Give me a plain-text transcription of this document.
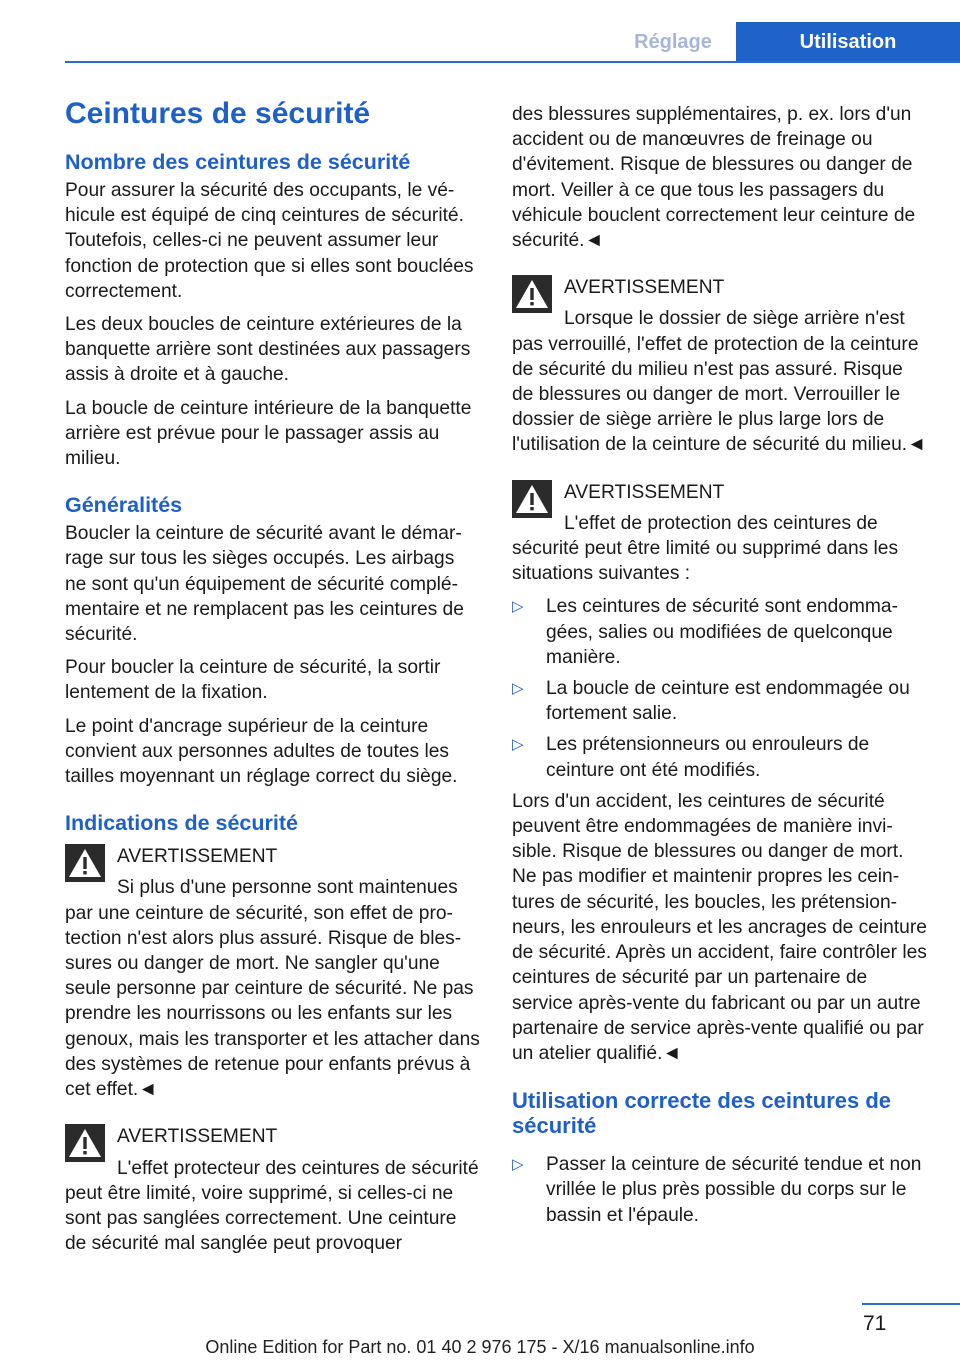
Réglage	Utilisation
Ceintures de sécurité
Nombre des ceintures de sécurité

Pour assurer la sécurité des occupants, le véhicule est équipé de cinq ceintures de sécurité. Toutefois, celles-ci ne peuvent assumer leur fonction de protection que si elles sont bouclées correctement.

Les deux boucles de ceinture extérieures de la banquette arrière sont destinées aux passagers assis à droite et à gauche.

La boucle de ceinture intérieure de la banquette arrière est prévue pour le passager assis au milieu.

Généralités

Boucler la ceinture de sécurité avant le démarrage sur tous les sièges occupés. Les airbags ne sont qu'un équipement de sécurité complémentaire et ne remplacent pas les ceintures de sécurité.

Pour boucler la ceinture de sécurité, la sortir lentement de la fixation.

Le point d'ancrage supérieur de la ceinture convient aux personnes adultes de toutes les tailles moyennant un réglage correct du siège.

Indications de sécurité
AVERTISSEMENT

Si plus d'une personne sont maintenues par une ceinture de sécurité, son effet de protection n'est alors plus assuré. Risque de blessures ou danger de mort. Ne sangler qu'une seule personne par ceinture de sécurité. Ne pas prendre les nourrissons ou les enfants sur les genoux, mais les transporter et les attacher dans des systèmes de retenue pour enfants prévus à cet effet.◄

AVERTISSEMENT

L'effet protecteur des ceintures de sécurité peut être limité, voire supprimé, si celles-ci ne sont pas sanglées correctement. Une ceinture de sécurité mal sanglée peut provoquer

des blessures supplémentaires, p. ex. lors d'un accident ou de manœuvres de freinage ou d'évitement. Risque de blessures ou danger de mort. Veiller à ce que tous les passagers du véhicule bouclent correctement leur ceinture de sécurité.◄

AVERTISSEMENT

Lorsque le dossier de siège arrière n'est pas verrouillé, l'effet de protection de la ceinture de sécurité du milieu n'est pas assuré. Risque de blessures ou danger de mort. Verrouiller le dossier de siège arrière le plus large lors de l'utilisation de la ceinture de sécurité du milieu.◄

AVERTISSEMENT

L'effet de protection des ceintures de sécurité peut être limité ou supprimé dans les situations suivantes :

▷ Les ceintures de sécurité sont endommagées, salies ou modifiées de quelconque manière.
▷ La boucle de ceinture est endommagée ou fortement salie.
▷ Les prétensionneurs ou enrouleurs de ceinture ont été modifiés.

Lors d'un accident, les ceintures de sécurité peuvent être endommagées de manière invisible. Risque de blessures ou danger de mort. Ne pas modifier et maintenir propres les ceintures de sécurité, les boucles, les prétensionneurs, les enrouleurs et les ancrages de ceinture de sécurité. Après un accident, faire contrôler les ceintures de sécurité par un partenaire de service après-vente du fabricant ou par un autre partenaire de service après-vente qualifié ou par un atelier qualifié.◄

Utilisation correcte des ceintures de sécurité
▷ Passer la ceinture de sécurité tendue et non vrillée le plus près possible du corps sur le bassin et l'épaule.
71
Online Edition for Part no. 01 40 2 976 175 - X/16 manualsonline.info
